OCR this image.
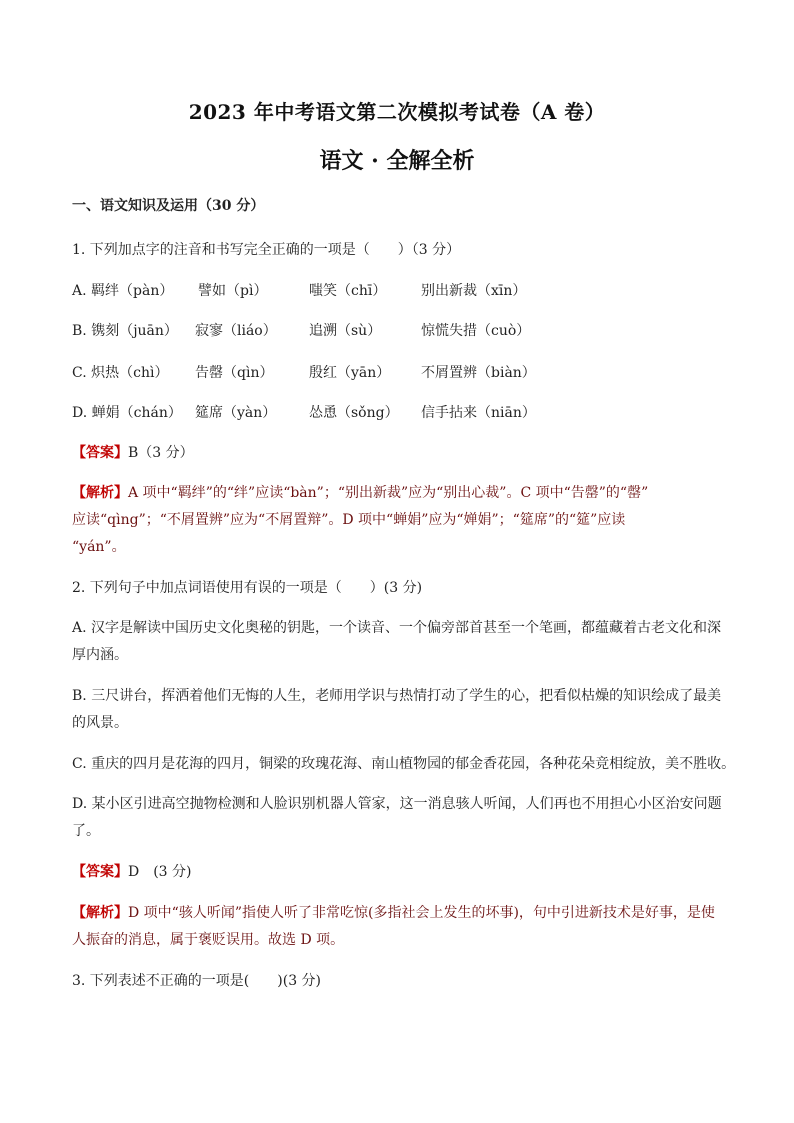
2023 年中考语文第二次模拟考试卷（A 卷）
语文 · 全解全析
一、语文知识及运用（30 分）
1. 下列加点字的注音和书写完全正确的一项是（　　）（3 分）
A. 羁绊（pàn） 譬如（pì）	嗤笑（chī） 别出新裁（xīn）
B. 镌刻（juān） 寂寥（liáo） 追溯（sù）	惊慌失措（cuò）
C. 炽热（chì） 告罄（qìn）	殷红（yān） 不屑置辨（biàn）
D. 蝉娟（chán） 筵席（yàn） 怂恿（sǒng） 信手拈来（niān）
【答案】B（3 分）
【解析】A 项中“羁绊”的“绊”应读“bàn”；“别出新裁”应为“别出心裁”。C 项中“告罄”的“罄”
应读“qìng”；“不屑置辨”应为“不屑置辩”。D 项中“蝉娟”应为“婵娟”；“筵席”的“筵”应读
“yán”。
2. 下列句子中加点词语使用有误的一项是（　　）(3 分)
A. 汉字是解读中国历史文化奥秘的钥匙，一个读音、一个偏旁部首甚至一个笔画，都蕴藏着古老文化和深
厚内涵。
B. 三尺讲台，挥洒着他们无悔的人生，老师用学识与热情打动了学生的心，把看似枯燥的知识绘成了最美
的风景。
C. 重庆的四月是花海的四月，铜梁的玫瑰花海、南山植物园的郁金香花园，各种花朵竞相绽放，美不胜收。
D. 某小区引进高空抛物检测和人脸识别机器人管家，这一消息骇人听闻，人们再也不用担心小区治安问题
了。
【答案】D　(3 分)
【解析】D 项中“骇人听闻”指使人听了非常吃惊(多指社会上发生的坏事)，句中引进新技术是好事，是使
人振奋的消息，属于褒贬误用。故选 D 项。
3. 下列表述不正确的一项是(　　)(3 分)
